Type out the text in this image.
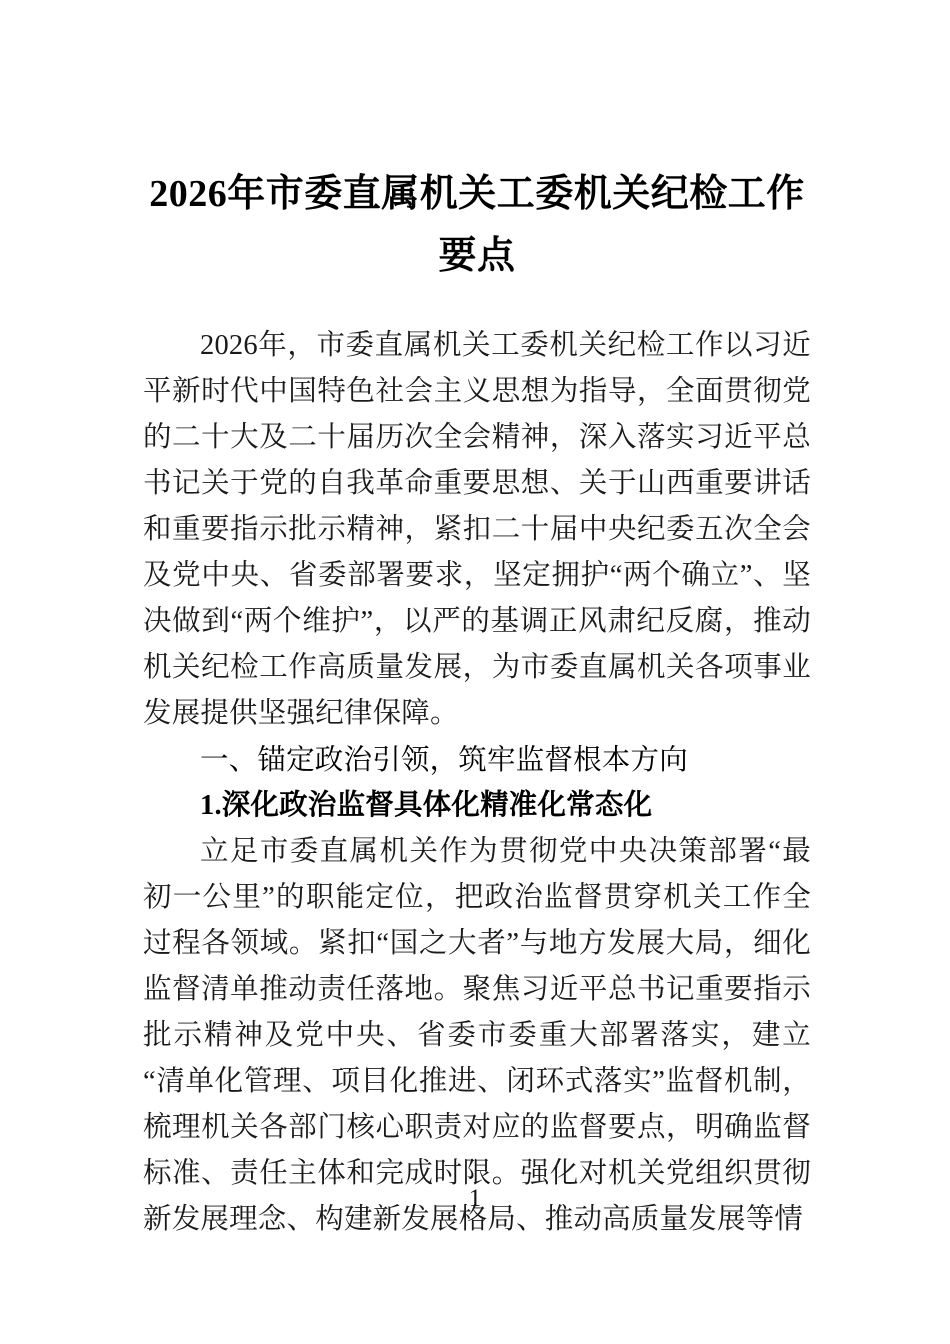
2026年市委直属机关工委机关纪检工作要点

2026年，市委直属机关工委机关纪检工作以习近平新时代中国特色社会主义思想为指导，全面贯彻党的二十大及二十届历次全会精神，深入落实习近平总书记关于党的自我革命重要思想、关于山西重要讲话和重要指示批示精神，紧扣二十届中央纪委五次全会及党中央、省委部署要求，坚定拥护“两个确立”、坚决做到“两个维护”，以严的基调正风肃纪反腐，推动机关纪检工作高质量发展，为市委直属机关各项事业发展提供坚强纪律保障。

一、锚定政治引领，筑牢监督根本方向

1.深化政治监督具体化精准化常态化

立足市委直属机关作为贯彻党中央决策部署“最初一公里”的职能定位，把政治监督贯穿机关工作全过程各领域。紧扣“国之大者”与地方发展大局，细化监督清单推动责任落地。聚焦习近平总书记重要指示批示精神及党中央、省委市委重大部署落实，建立“清单化管理、项目化推进、闭环式落实”监督机制，梳理机关各部门核心职责对应的监督要点，明确监督标准、责任主体和完成时限。强化对机关党组织贯彻新发展理念、构建新发展格局、推动高质量发展等情

1
